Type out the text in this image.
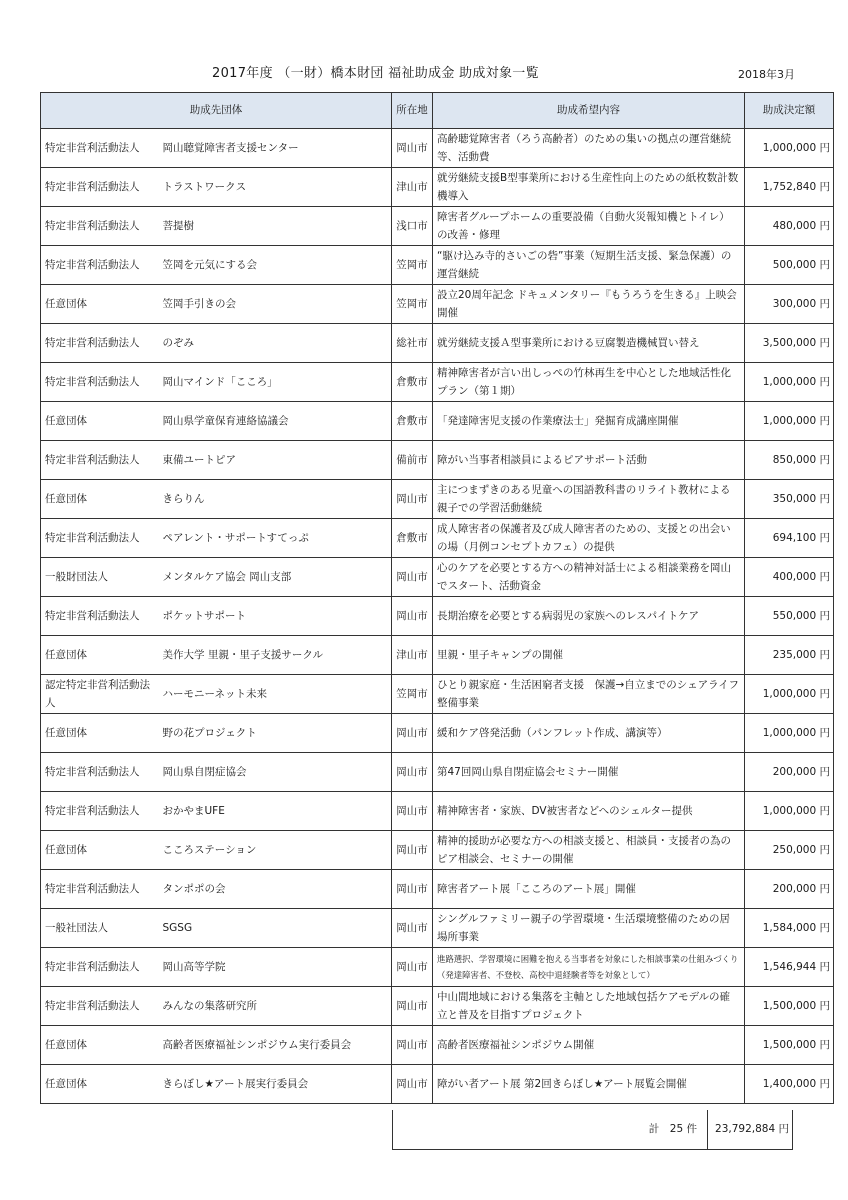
2017年度 （一財）橋本財団 福祉助成金 助成対象一覧	2018年3月
助成先団体		所在地	助成希望内容	助成決定額
特定非営利活動法人	岡山聴覚障害者支援センター	岡山市	高齢聴覚障害者（ろう高齢者）のための集いの拠点の運営継続等、活動費	1,000,000 円
特定非営利活動法人	トラストワークス	津山市	就労継続支援B型事業所における生産性向上のための紙枚数計数機導入	1,752,840 円
特定非営利活動法人	菩提樹	浅口市	障害者グループホームの重要設備（自動火災報知機とトイレ）の改善・修理	480,000 円
特定非営利活動法人	笠岡を元気にする会	笠岡市	“駆け込み寺的さいごの砦”事業（短期生活支援、緊急保護）の運営継続	500,000 円
任意団体	笠岡手引きの会	笠岡市	設立20周年記念 ドキュメンタリー『もうろうを生きる』上映会開催	300,000 円
特定非営利活動法人	のぞみ	総社市	就労継続支援Ａ型事業所における豆腐製造機械買い替え	3,500,000 円
特定非営利活動法人	岡山マインド「こころ」	倉敷市	精神障害者が言い出しっぺの竹林再生を中心とした地域活性化プラン（第１期）	1,000,000 円
任意団体	岡山県学童保育連絡協議会	倉敷市	「発達障害児支援の作業療法士」発掘育成講座開催	1,000,000 円
特定非営利活動法人	東備ユートピア	備前市	障がい当事者相談員によるピアサポート活動	850,000 円
任意団体	きらりん	岡山市	主につまずきのある児童への国語教科書のリライト教材による親子での学習活動継続	350,000 円
特定非営利活動法人	ペアレント・サポートすてっぷ	倉敷市	成人障害者の保護者及び成人障害者のための、支援との出会いの場（月例コンセプトカフェ）の提供	694,100 円
一般財団法人	メンタルケア協会 岡山支部	岡山市	心のケアを必要とする方への精神対話士による相談業務を岡山でスタート、活動資金	400,000 円
特定非営利活動法人	ポケットサポート	岡山市	長期治療を必要とする病弱児の家族へのレスパイトケア	550,000 円
任意団体	美作大学 里親・里子支援サークル	津山市	里親・里子キャンプの開催	235,000 円
認定特定非営利活動法人	ハーモニーネット未来	笠岡市	ひとり親家庭・生活困窮者支援　保護→自立までのシェアライフ整備事業	1,000,000 円
任意団体	野の花プロジェクト	岡山市	緩和ケア啓発活動（パンフレット作成、講演等）	1,000,000 円
特定非営利活動法人	岡山県自閉症協会	岡山市	第47回岡山県自閉症協会セミナー開催	200,000 円
特定非営利活動法人	おかやまUFE	岡山市	精神障害者・家族、DV被害者などへのシェルター提供	1,000,000 円
任意団体	こころステーション	岡山市	精神的援助が必要な方への相談支援と、相談員・支援者の為のピア相談会、セミナーの開催	250,000 円
特定非営利活動法人	タンポポの会	岡山市	障害者アート展「こころのアート展」開催	200,000 円
一般社団法人	SGSG	岡山市	シングルファミリー親子の学習環境・生活環境整備のための居場所事業	1,584,000 円
特定非営利活動法人	岡山高等学院	岡山市	進路選択、学習環境に困難を抱える当事者を対象にした相談事業の仕組みづくり（発達障害者、不登校、高校中退経験者等を対象として）	1,546,944 円
特定非営利活動法人	みんなの集落研究所	岡山市	中山間地域における集落を主軸とした地域包括ケアモデルの確立と普及を目指すプロジェクト	1,500,000 円
任意団体	高齢者医療福祉シンポジウム実行委員会	岡山市	高齢者医療福祉シンポジウム開催	1,500,000 円
任意団体	きらぼし★アート展実行委員会	岡山市	障がい者アート展 第2回きらぼし★アート展覧会開催	1,400,000 円
計　25 件	23,792,884 円
